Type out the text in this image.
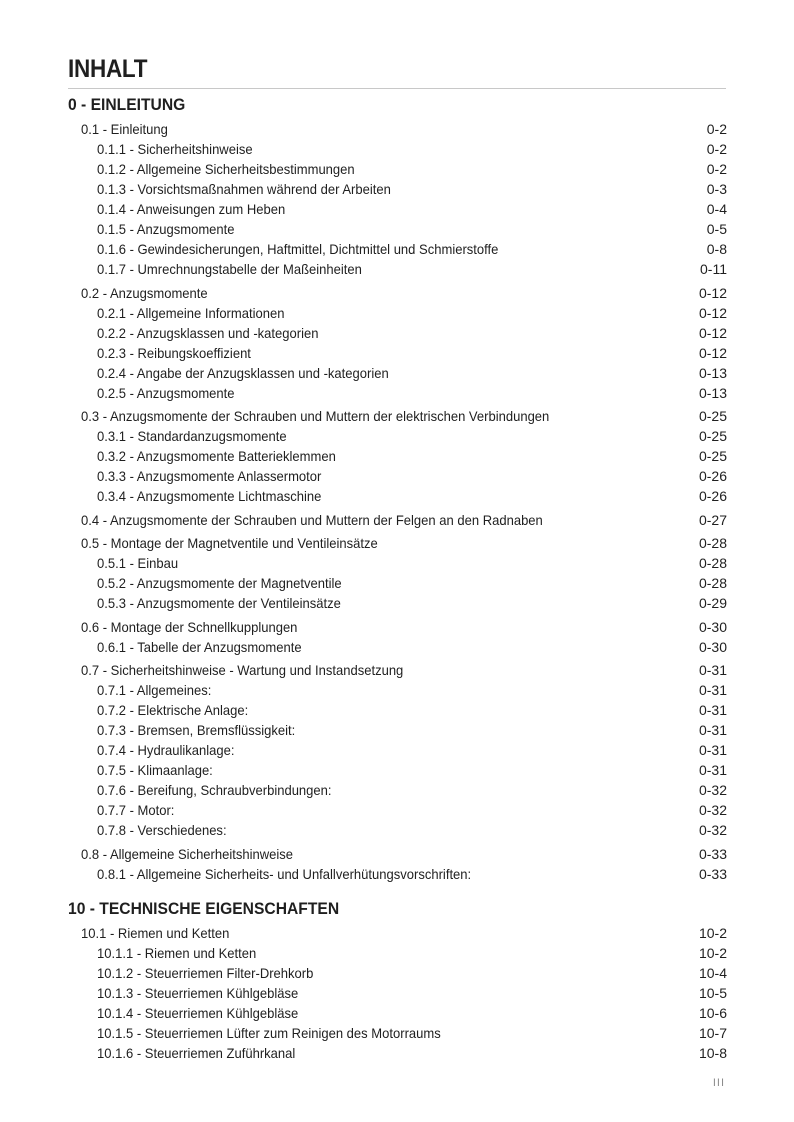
INHALT
0 - EINLEITUNG
0.1 - Einleitung	0-2
0.1.1 - Sicherheitshinweise	0-2
0.1.2 - Allgemeine Sicherheitsbestimmungen	0-2
0.1.3 - Vorsichtsmaßnahmen während der Arbeiten	0-3
0.1.4 - Anweisungen zum Heben	0-4
0.1.5 - Anzugsmomente	0-5
0.1.6 - Gewindesicherungen, Haftmittel, Dichtmittel und Schmierstoffe	0-8
0.1.7 - Umrechnungstabelle der Maßeinheiten	0-11
0.2 - Anzugsmomente	0-12
0.2.1 - Allgemeine Informationen	0-12
0.2.2 - Anzugsklassen und -kategorien	0-12
0.2.3 - Reibungskoeffizient	0-12
0.2.4 - Angabe der Anzugsklassen und -kategorien	0-13
0.2.5 - Anzugsmomente	0-13
0.3 - Anzugsmomente der Schrauben und Muttern der elektrischen Verbindungen	0-25
0.3.1 - Standardanzugsmomente	0-25
0.3.2 - Anzugsmomente Batterieklemmen	0-25
0.3.3 - Anzugsmomente Anlassermotor	0-26
0.3.4 - Anzugsmomente Lichtmaschine	0-26
0.4 - Anzugsmomente der Schrauben und Muttern der Felgen an den Radnaben	0-27
0.5 - Montage der Magnetventile und Ventileinsätze	0-28
0.5.1 - Einbau	0-28
0.5.2 - Anzugsmomente der Magnetventile	0-28
0.5.3 - Anzugsmomente der Ventileinsätze	0-29
0.6 - Montage der Schnellkupplungen	0-30
0.6.1 - Tabelle der Anzugsmomente	0-30
0.7 - Sicherheitshinweise - Wartung und Instandsetzung	0-31
0.7.1 - Allgemeines:	0-31
0.7.2 - Elektrische Anlage:	0-31
0.7.3 - Bremsen, Bremsflüssigkeit:	0-31
0.7.4 - Hydraulikanlage:	0-31
0.7.5 - Klimaanlage:	0-31
0.7.6 - Bereifung, Schraubverbindungen:	0-32
0.7.7 - Motor:	0-32
0.7.8 - Verschiedenes:	0-32
0.8 - Allgemeine Sicherheitshinweise	0-33
0.8.1 - Allgemeine Sicherheits- und Unfallverhütungsvorschriften:	0-33
10 - TECHNISCHE EIGENSCHAFTEN
10.1 - Riemen und Ketten	10-2
10.1.1 - Riemen und Ketten	10-2
10.1.2 - Steuerriemen Filter-Drehkorb	10-4
10.1.3 - Steuerriemen Kühlgebläse	10-5
10.1.4 - Steuerriemen Kühlgebläse	10-6
10.1.5 - Steuerriemen Lüfter zum Reinigen des Motorraums	10-7
10.1.6 - Steuerriemen Zuführkanal	10-8
III
